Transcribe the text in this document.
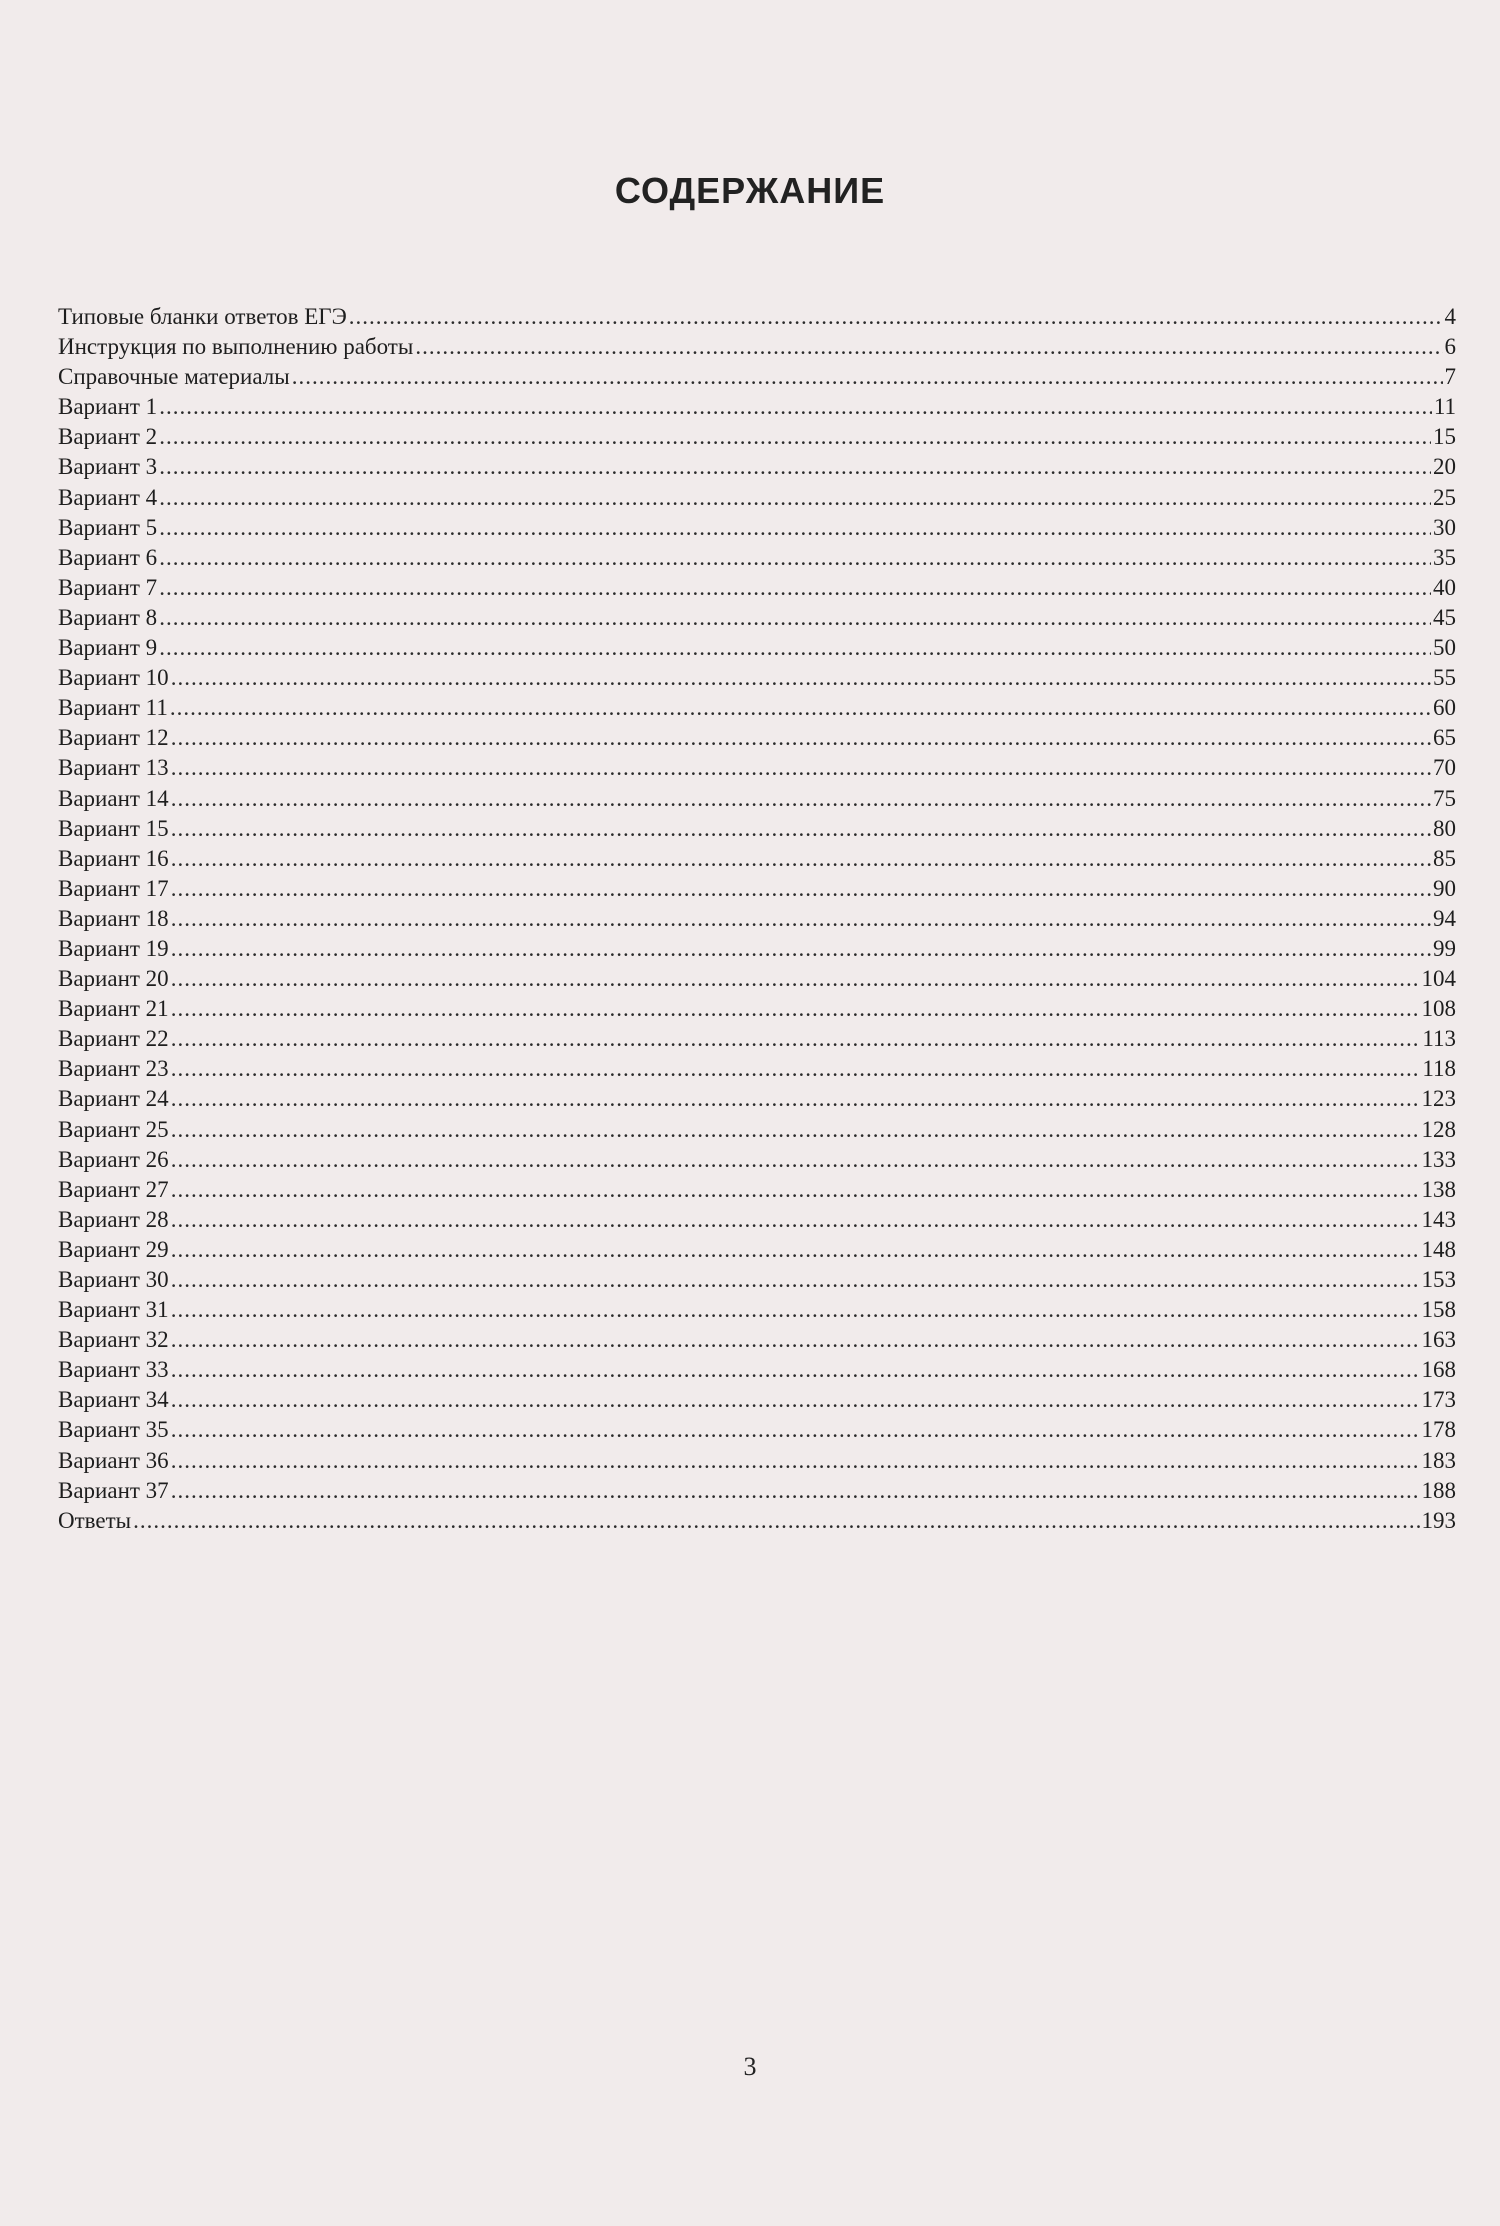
СОДЕРЖАНИЕ
Типовые бланки ответов ЕГЭ .....	4
Инструкция по выполнению работы .....	6
Справочные материалы .....	7
Вариант 1 .....	11
Вариант 2 .....	15
Вариант 3 .....	20
Вариант 4 .....	25
Вариант 5 .....	30
Вариант 6 .....	35
Вариант 7 .....	40
Вариант 8 .....	45
Вариант 9 .....	50
Вариант 10 .....	55
Вариант 11 .....	60
Вариант 12 .....	65
Вариант 13 .....	70
Вариант 14 .....	75
Вариант 15 .....	80
Вариант 16 .....	85
Вариант 17 .....	90
Вариант 18 .....	94
Вариант 19 .....	99
Вариант 20 .....	104
Вариант 21 .....	108
Вариант 22 .....	113
Вариант 23 .....	118
Вариант 24 .....	123
Вариант 25 .....	128
Вариант 26 .....	133
Вариант 27 .....	138
Вариант 28 .....	143
Вариант 29 .....	148
Вариант 30 .....	153
Вариант 31 .....	158
Вариант 32 .....	163
Вариант 33 .....	168
Вариант 34 .....	173
Вариант 35 .....	178
Вариант 36 .....	183
Вариант 37 .....	188
Ответы .....	193
3
